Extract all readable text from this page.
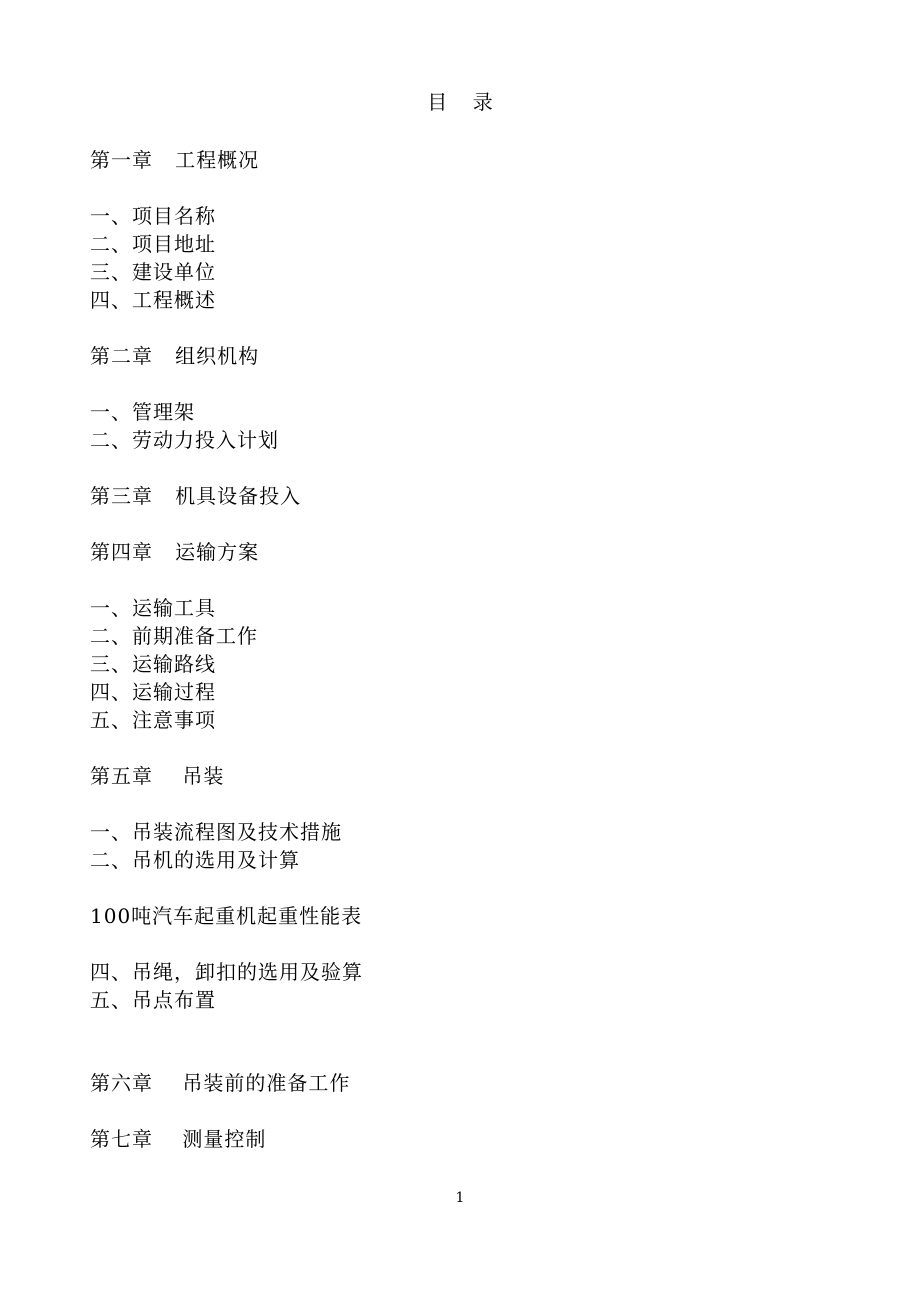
目    录
第一章   工程概况
一、项目名称
二、项目地址
三、建设单位
四、工程概述
第二章   组织机构
一、管理架
二、劳动力投入计划
第三章   机具设备投入
第四章   运输方案
一、运输工具
二、前期准备工作
三、运输路线
四、运输过程
五、注意事项
第五章    吊装
一、吊装流程图及技术措施
二、吊机的选用及计算
100吨汽车起重机起重性能表
四、吊绳，卸扣的选用及验算
五、吊点布置
第六章    吊装前的准备工作
第七章    测量控制
1
